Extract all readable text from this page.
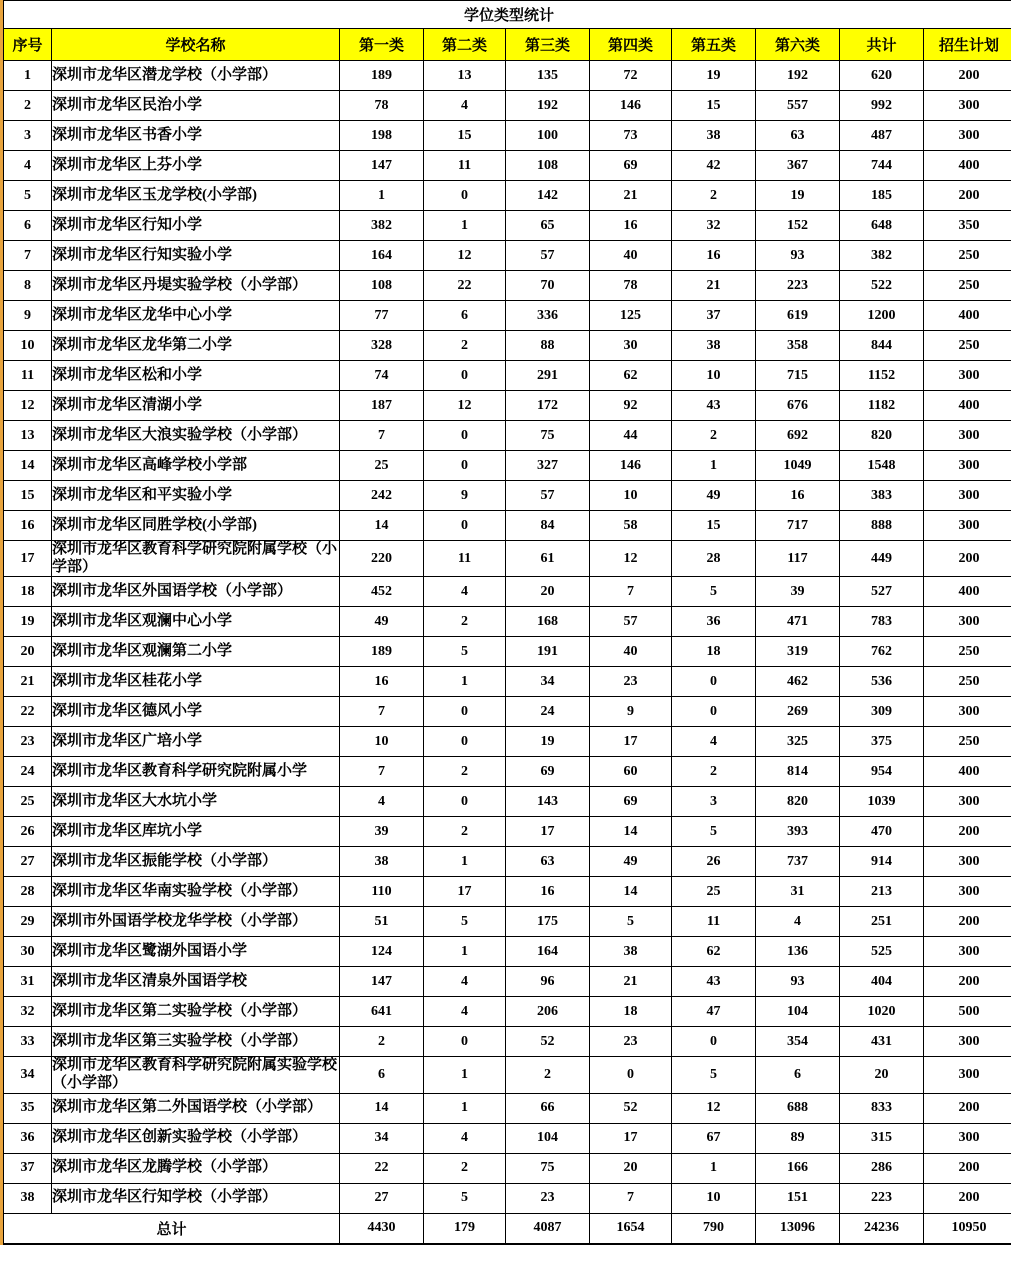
学位类型统计									
序号	学校名称	第一类	第二类	第三类	第四类	第五类	第六类	共计	招生计划
1	深圳市龙华区潜龙学校（小学部）	189	13	135	72	19	192	620	200
2	深圳市龙华区民治小学	78	4	192	146	15	557	992	300
3	深圳市龙华区书香小学	198	15	100	73	38	63	487	300
4	深圳市龙华区上芬小学	147	11	108	69	42	367	744	400
5	深圳市龙华区玉龙学校(小学部)	1	0	142	21	2	19	185	200
6	深圳市龙华区行知小学	382	1	65	16	32	152	648	350
7	深圳市龙华区行知实验小学	164	12	57	40	16	93	382	250
8	深圳市龙华区丹堤实验学校（小学部）	108	22	70	78	21	223	522	250
9	深圳市龙华区龙华中心小学	77	6	336	125	37	619	1200	400
10	深圳市龙华区龙华第二小学	328	2	88	30	38	358	844	250
11	深圳市龙华区松和小学	74	0	291	62	10	715	1152	300
12	深圳市龙华区清湖小学	187	12	172	92	43	676	1182	400
13	深圳市龙华区大浪实验学校（小学部）	7	0	75	44	2	692	820	300
14	深圳市龙华区高峰学校小学部	25	0	327	146	1	1049	1548	300
15	深圳市龙华区和平实验小学	242	9	57	10	49	16	383	300
16	深圳市龙华区同胜学校(小学部)	14	0	84	58	15	717	888	300
17	深圳市龙华区教育科学研究院附属学校（小学部）	220	11	61	12	28	117	449	200
18	深圳市龙华区外国语学校（小学部）	452	4	20	7	5	39	527	400
19	深圳市龙华区观澜中心小学	49	2	168	57	36	471	783	300
20	深圳市龙华区观澜第二小学	189	5	191	40	18	319	762	250
21	深圳市龙华区桂花小学	16	1	34	23	0	462	536	250
22	深圳市龙华区德风小学	7	0	24	9	0	269	309	300
23	深圳市龙华区广培小学	10	0	19	17	4	325	375	250
24	深圳市龙华区教育科学研究院附属小学	7	2	69	60	2	814	954	400
25	深圳市龙华区大水坑小学	4	0	143	69	3	820	1039	300
26	深圳市龙华区库坑小学	39	2	17	14	5	393	470	200
27	深圳市龙华区振能学校（小学部）	38	1	63	49	26	737	914	300
28	深圳市龙华区华南实验学校（小学部）	110	17	16	14	25	31	213	300
29	深圳市外国语学校龙华学校（小学部）	51	5	175	5	11	4	251	200
30	深圳市龙华区鹭湖外国语小学	124	1	164	38	62	136	525	300
31	深圳市龙华区清泉外国语学校	147	4	96	21	43	93	404	200
32	深圳市龙华区第二实验学校（小学部）	641	4	206	18	47	104	1020	500
33	深圳市龙华区第三实验学校（小学部）	2	0	52	23	0	354	431	300
34	深圳市龙华区教育科学研究院附属实验学校（小学部）	6	1	2	0	5	6	20	300
35	深圳市龙华区第二外国语学校（小学部）	14	1	66	52	12	688	833	200
36	深圳市龙华区创新实验学校（小学部）	34	4	104	17	67	89	315	300
37	深圳市龙华区龙腾学校（小学部）	22	2	75	20	1	166	286	200
38	深圳市龙华区行知学校（小学部）	27	5	23	7	10	151	223	200
总计		4430	179	4087	1654	790	13096	24236	10950
